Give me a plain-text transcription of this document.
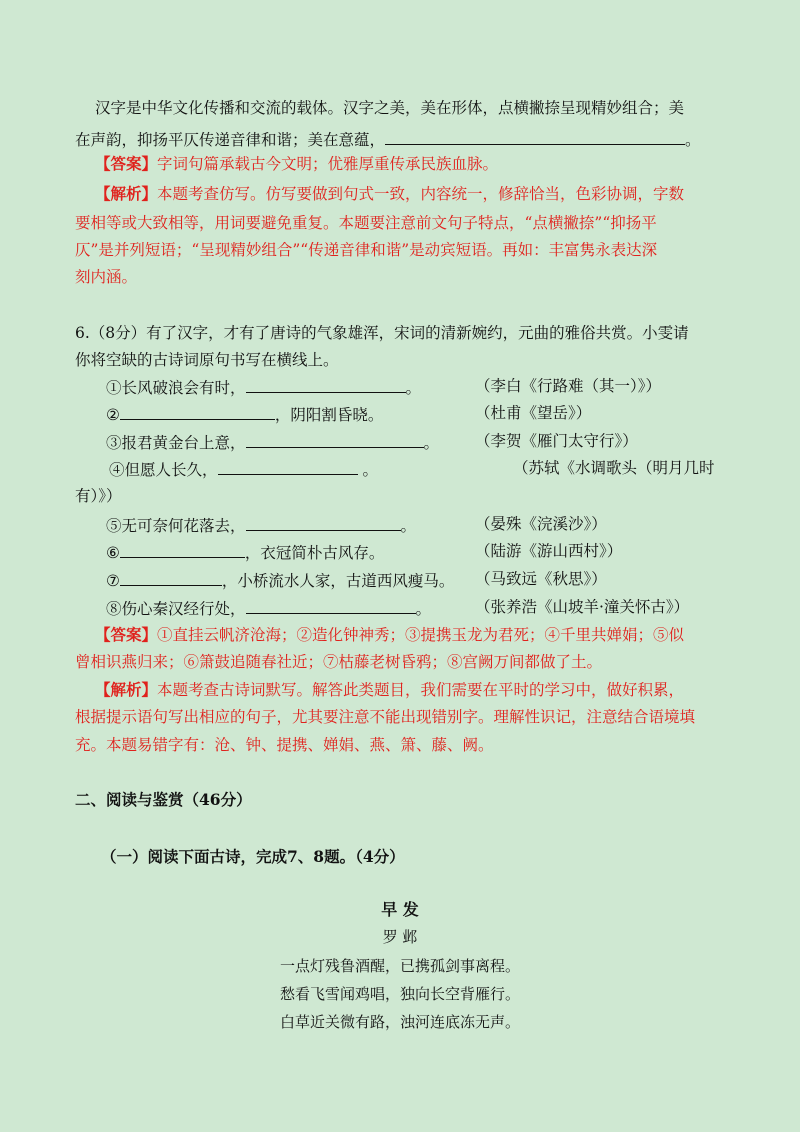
汉字是中华文化传播和交流的载体。汉字之美，美在形体，点横撇捺呈现精妙组合；美
在声韵，抑扬平仄传递音律和谐；美在意蕴，	。
【答案】字词句篇承载古今文明；优雅厚重传承民族血脉。
【解析】本题考查仿写。仿写要做到句式一致，内容统一，修辞恰当，色彩协调，字数
要相等或大致相等，用词要避免重复。本题要注意前文句子特点，“点横撇捺”“抑扬平
仄”是并列短语；“呈现精妙组合”“传递音律和谐”是动宾短语。再如：丰富隽永表达深
刻内涵。
6.（8分）有了汉字，才有了唐诗的气象雄浑，宋词的清新婉约，元曲的雅俗共赏。小雯请
你将空缺的古诗词原句书写在横线上。
①长风破浪会有时，	。	（李白《行路难（其一）》）
②	，阴阳割昏晓。	（杜甫《望岳》）
③报君黄金台上意，	。 （李贺《雁门太守行》）
④但愿人长久，	。	（苏轼《水调歌头（明月几时
有）》）
⑤无可奈何花落去，	。	（晏殊《浣溪沙》）
⑥	，衣冠简朴古风存。	（陆游《游山西村》）
⑦	，小桥流水人家，古道西风瘦马。 （马致远《秋思》）
⑧伤心秦汉经行处，	。	（张养浩《山坡羊·潼关怀古》）
【答案】①直挂云帆济沧海；②造化钟神秀；③提携玉龙为君死；④千里共婵娟；⑤似
曾相识燕归来；⑥箫鼓追随春社近；⑦枯藤老树昏鸦；⑧宫阙万间都做了土。
【解析】本题考查古诗词默写。解答此类题目，我们需要在平时的学习中，做好积累，
根据提示语句写出相应的句子，尤其要注意不能出现错别字。理解性识记，注意结合语境填
充。本题易错字有：沧、钟、提携、婵娟、燕、箫、藤、阙。
二、阅读与鉴赏（46分）
（一）阅读下面古诗，完成7、8题。（4分）
早 发
罗 邺
一点灯残鲁酒醒，已携孤剑事离程。
愁看飞雪闻鸡唱，独向长空背雁行。
白草近关微有路，浊河连底冻无声。
